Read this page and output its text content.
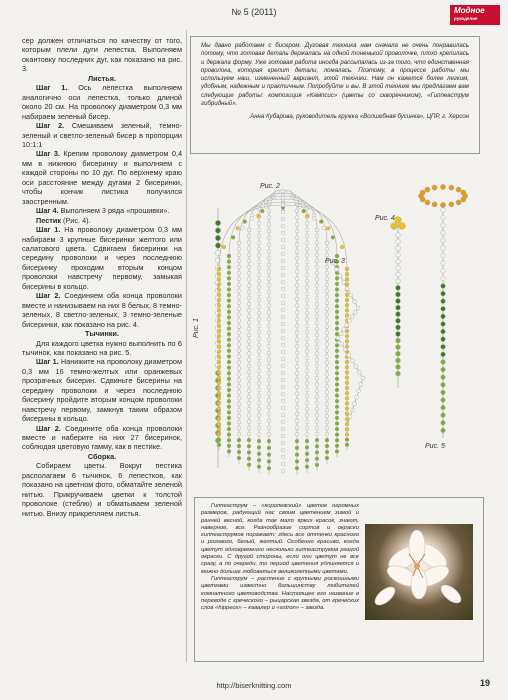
№ 5 (2011)	Модное
рукоделие

сер должен отличаться по качеству от того, которым плели дуги лепестка. Выполняем окантовку последних дуг, как показано на рис. 3.

Листья.

Шаг 1. Ось лепестка выполняем аналогично оси лепестка, только длиной около 20 см. На проволоку диаметром 0,3 мм набираем зеленый бисер.

Шаг 2. Смешиваем зеленый, темно-зеленый и светло-зеленый бисер в пропорции 10:1:1

Шаг 3. Крепим проволоку диаметром 0,4 мм в нижнюю бисеринку и выполняем с каждой стороны по 10 дуг. По верхнему краю оси расстояние между дугами 2 бисеринки, чтобы кончик листика получился заостренным.

Шаг 4. Выполняем 3 ряда «прошивки».

Пестик (Рис. 4).

Шаг 1. На проволоку диаметром 0,3 мм набираем 3 крупные бисеринки желтого или салатового цвета. Сдвигаем бисеринки на середину проволоки и через последнюю бисеринку проходим вторым концом проволоки навстречу первому, замыкая бисерины в кольцо.

Шаг 2. Соединяем оба конца проволоки вместе и нанизываем на них 8 белых, 8 темно-зеленых, 8 светло-зеленых, 3 темно-зеленые бисеринки, как показано на рис. 4.

Тычинки.

Для каждого цветка нужно выполнить по 6 тычинок, как показано на рис. 5.

Шаг 1. Нанижите на проволоку диаметром 0,3 мм 16 темно-желтых или оранжевых прозрачных бисерин. Сдвиньте бисерины на середину проволоки и через последнюю бисерину пройдите вторым концом проволоки навстречу первому, замкнув таким образом бисерины в кольцо.

Шаг 2. Соедините оба конца проволоки вместе и наберите на них 27 бисеринок, соблюдая цветовую гамму, как в пестике.

Сборка.

Собираем цветы. Вокруг пестика располагаем 6 тычинок, 6 лепестков, как показано на цветном фото, обматайте зеленой нитью. Прикручиваем цветки к толстой проволоке (стеблю) и обматываем зеленой нитью. Внизу прикрепляем листья.

Мы давно работаем с бисером. Дуговая техника нам сначала не очень понравилась потому, что готовая деталь держалась на одной тоненькой проволочке, плохо крепилась и держала форму. Уже готовая работа иногда рассыпалась из-за того, что единственная проволока, которая крепит детали, ломалась. Поэтому, в процессе работы мы используем наш, измененный вариант, этой техники. Нам он кажется более легким, удобным, надежным и практичным. Попробуйте и вы. В этой технике мы предлагаем вам следующие работы: композиция «Кампсис» (цветы со скворечником), «Гиппеаструм гибридный».
Анна Кубарова, руководитель кружка «Волшебная бусинка», ЦПР, г. Херсон
Рис. 1
Рис. 2
Рис. 3
Рис. 4
Рис. 5

Гиппеаструм – «королевский» цветок огромных размеров, радующий нас своим цветением зимой и ранней весной, когда так мало ярких красок, знают, наверное, все. Разнообразие сортов и окраски гиппеаструмов поражает: здесь все оттенки красного и розового, белый, желтый. Особенно красиво, когда цветут одновременно несколько гиппеаструмов разной окраски. С другой стороны, если они цветут не все сразу, а по очереди, то период цветения удлиняется и можно дольше любоваться великолепными цветами.

Гиппеаструм – растение с крупными роскошными цветками известно большинству любителей комнатного цветоводства. Настоящее его название в переводе с греческого – рыцарская звезда, от греческих слов «hippeos» – кавалер и «astron» – звезда.

http://biserknitting.com	19
